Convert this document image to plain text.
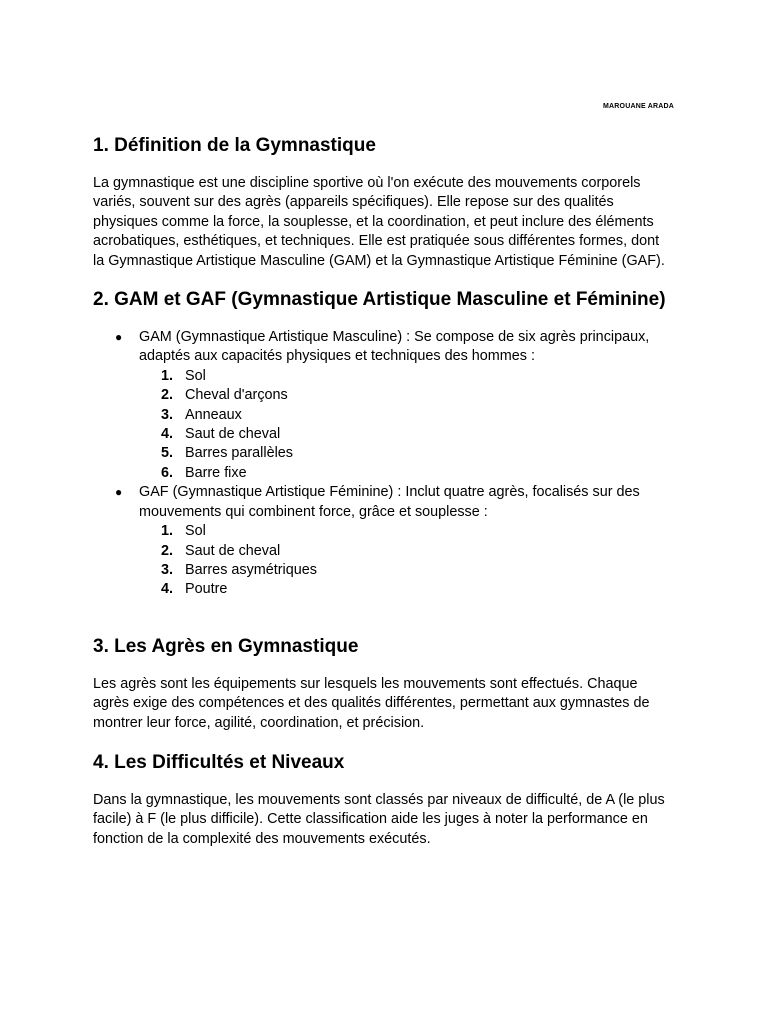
MAROUANE ARADA
1. Définition de la Gymnastique

La gymnastique est une discipline sportive où l'on exécute des mouvements corporels variés, souvent sur des agrès (appareils spécifiques). Elle repose sur des qualités physiques comme la force, la souplesse, et la coordination, et peut inclure des éléments acrobatiques, esthétiques, et techniques. Elle est pratiquée sous différentes formes, dont la Gymnastique Artistique Masculine (GAM) et la Gymnastique Artistique Féminine (GAF).

2. GAM et GAF (Gymnastique Artistique Masculine et Féminine)
● GAM (Gymnastique Artistique Masculine) : Se compose de six agrès principaux, adaptés aux capacités physiques et techniques des hommes :
1. Sol
2. Cheval d'arçons
3. Anneaux
4. Saut de cheval
5. Barres parallèles
6. Barre fixe
● GAF (Gymnastique Artistique Féminine) : Inclut quatre agrès, focalisés sur des mouvements qui combinent force, grâce et souplesse :
1. Sol
2. Saut de cheval
3. Barres asymétriques
4. Poutre
3. Les Agrès en Gymnastique

Les agrès sont les équipements sur lesquels les mouvements sont effectués. Chaque agrès exige des compétences et des qualités différentes, permettant aux gymnastes de montrer leur force, agilité, coordination, et précision.

4. Les Difficultés et Niveaux

Dans la gymnastique, les mouvements sont classés par niveaux de difficulté, de A (le plus facile) à F (le plus difficile). Cette classification aide les juges à noter la performance en fonction de la complexité des mouvements exécutés.
